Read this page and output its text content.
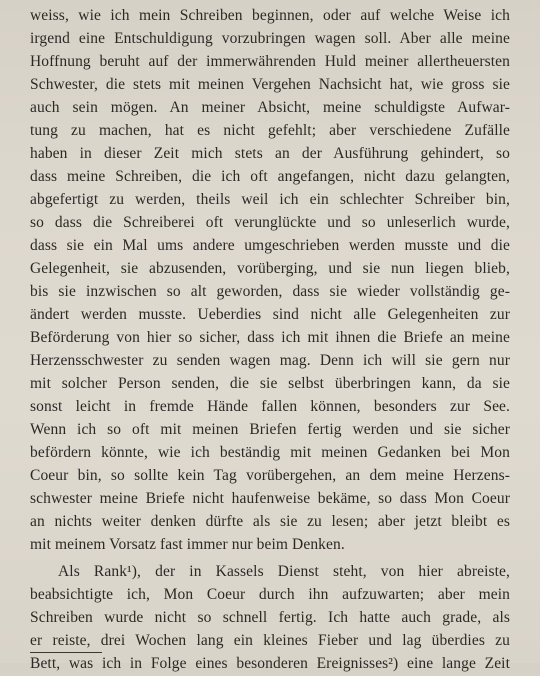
weiss, wie ich mein Schreiben beginnen, oder auf welche Weise ich
irgend eine Entschuldigung vorzubringen wagen soll. Aber alle meine
Hoffnung beruht auf der immerwährenden Huld meiner allertheuersten
Schwester, die stets mit meinen Vergehen Nachsicht hat, wie gross sie
auch sein mögen. An meiner Absicht, meine schuldigste Aufwar-
tung zu machen, hat es nicht gefehlt; aber verschiedene Zufälle
haben in dieser Zeit mich stets an der Ausführung gehindert, so
dass meine Schreiben, die ich oft angefangen, nicht dazu gelangten,
abgefertigt zu werden, theils weil ich ein schlechter Schreiber bin,
so dass die Schreiberei oft verunglückte und so unleserlich wurde,
dass sie ein Mal ums andere umgeschrieben werden musste und die
Gelegenheit, sie abzusenden, vorüberging, und sie nun liegen blieb,
bis sie inzwischen so alt geworden, dass sie wieder vollständig ge-
ändert werden musste. Ueberdies sind nicht alle Gelegenheiten zur
Beförderung von hier so sicher, dass ich mit ihnen die Briefe an meine
Herzensschwester zu senden wagen mag. Denn ich will sie gern nur
mit solcher Person senden, die sie selbst überbringen kann, da sie
sonst leicht in fremde Hände fallen können, besonders zur See.
Wenn ich so oft mit meinen Briefen fertig werden und sie sicher
befördern könnte, wie ich beständig mit meinen Gedanken bei Mon
Coeur bin, so sollte kein Tag vorübergehen, an dem meine Herzens-
schwester meine Briefe nicht haufenweise bekäme, so dass Mon Coeur
an nichts weiter denken dürfte als sie zu lesen; aber jetzt bleibt es
mit meinem Vorsatz fast immer nur beim Denken.
Als Rank¹), der in Kassels Dienst steht, von hier abreiste,
beabsichtigte ich, Mon Coeur durch ihn aufzuwarten; aber mein
Schreiben wurde nicht so schnell fertig. Ich hatte auch grade, als
er reiste, drei Wochen lang ein kleines Fieber und lag überdies zu
Bett, was ich in Folge eines besonderen Ereignisses²) eine lange Zeit
